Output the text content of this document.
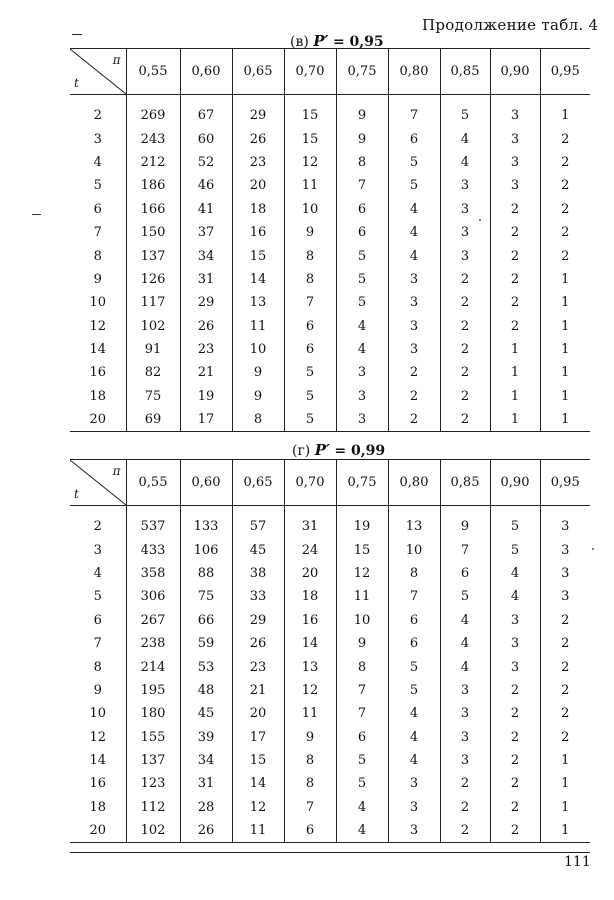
Продолжение табл. 4
(в) P′ = 0,95
π
t	0,55	0,60	0,65	0,70	0,75	0,80	0,85	0,90	0,95
2	269	67	29	15	9	7	5	3	1
3	243	60	26	15	9	6	4	3	2
4	212	52	23	12	8	5	4	3	2
5	186	46	20	11	7	5	3	3	2
6	166	41	18	10	6	4	3	2	2
7	150	37	16	9	6	4	3	2	2
8	137	34	15	8	5	4	3	2	2
9	126	31	14	8	5	3	2	2	1
10	117	29	13	7	5	3	2	2	1
12	102	26	11	6	4	3	2	2	1
14	91	23	10	6	4	3	2	1	1
16	82	21	9	5	3	2	2	1	1
18	75	19	9	5	3	2	2	1	1
20	69	17	8	5	3	2	2	1	1
(г) P′ = 0,99
π
t	0,55	0,60	0,65	0,70	0,75	0,80	0,85	0,90	0,95
2	537	133	57	31	19	13	9	5	3
3	433	106	45	24	15	10	7	5	3
4	358	88	38	20	12	8	6	4	3
5	306	75	33	18	11	7	5	4	3
6	267	66	29	16	10	6	4	3	2
7	238	59	26	14	9	6	4	3	2
8	214	53	23	13	8	5	4	3	2
9	195	48	21	12	7	5	3	2	2
10	180	45	20	11	7	4	3	2	2
12	155	39	17	9	6	4	3	2	2
14	137	34	15	8	5	4	3	2	1
16	123	31	14	8	5	3	2	2	1
18	112	28	12	7	4	3	2	2	1
20	102	26	11	6	4	3	2	2	1
111
